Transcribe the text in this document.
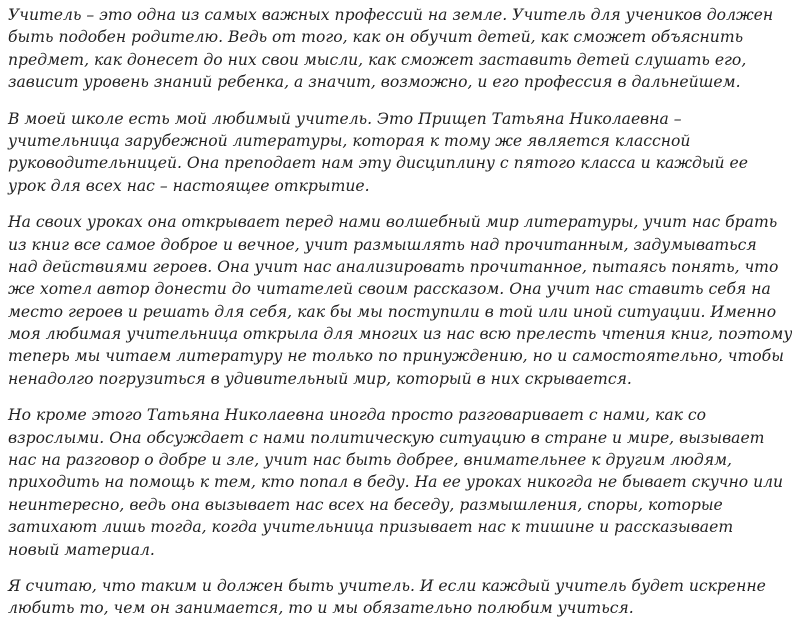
Учитель – это одна из самых важных профессий на земле. Учитель для учеников должен
быть подобен родителю. Ведь от того, как он обучит детей, как сможет объяснить
предмет, как донесет до них свои мысли, как сможет заставить детей слушать его,
зависит уровень знаний ребенка, а значит, возможно, и его профессия в дальнейшем.
В моей школе есть мой любимый учитель. Это Прищеп Татьяна Николаевна –
учительница зарубежной литературы, которая к тому же является классной
руководительницей. Она преподает нам эту дисциплину с пятого класса и каждый ее
урок для всех нас – настоящее открытие.
На своих уроках она открывает перед нами волшебный мир литературы, учит нас брать
из книг все самое доброе и вечное, учит размышлять над прочитанным, задумываться
над действиями героев. Она учит нас анализировать прочитанное, пытаясь понять, что
же хотел автор донести до читателей своим рассказом. Она учит нас ставить себя на
место героев и решать для себя, как бы мы поступили в той или иной ситуации. Именно
моя любимая учительница открыла для многих из нас всю прелесть чтения книг, поэтому
теперь мы читаем литературу не только по принуждению, но и самостоятельно, чтобы
ненадолго погрузиться в удивительный мир, который в них скрывается.
Но кроме этого Татьяна Николаевна иногда просто разговаривает с нами, как со
взрослыми. Она обсуждает с нами политическую ситуацию в стране и мире, вызывает
нас на разговор о добре и зле, учит нас быть добрее, внимательнее к другим людям,
приходить на помощь к тем, кто попал в беду. На ее уроках никогда не бывает скучно или
неинтересно, ведь она вызывает нас всех на беседу, размышления, споры, которые
затихают лишь тогда, когда учительница призывает нас к тишине и рассказывает
новый материал.
Я считаю, что таким и должен быть учитель. И если каждый учитель будет искренне
любить то, чем он занимается, то и мы обязательно полюбим учиться.
